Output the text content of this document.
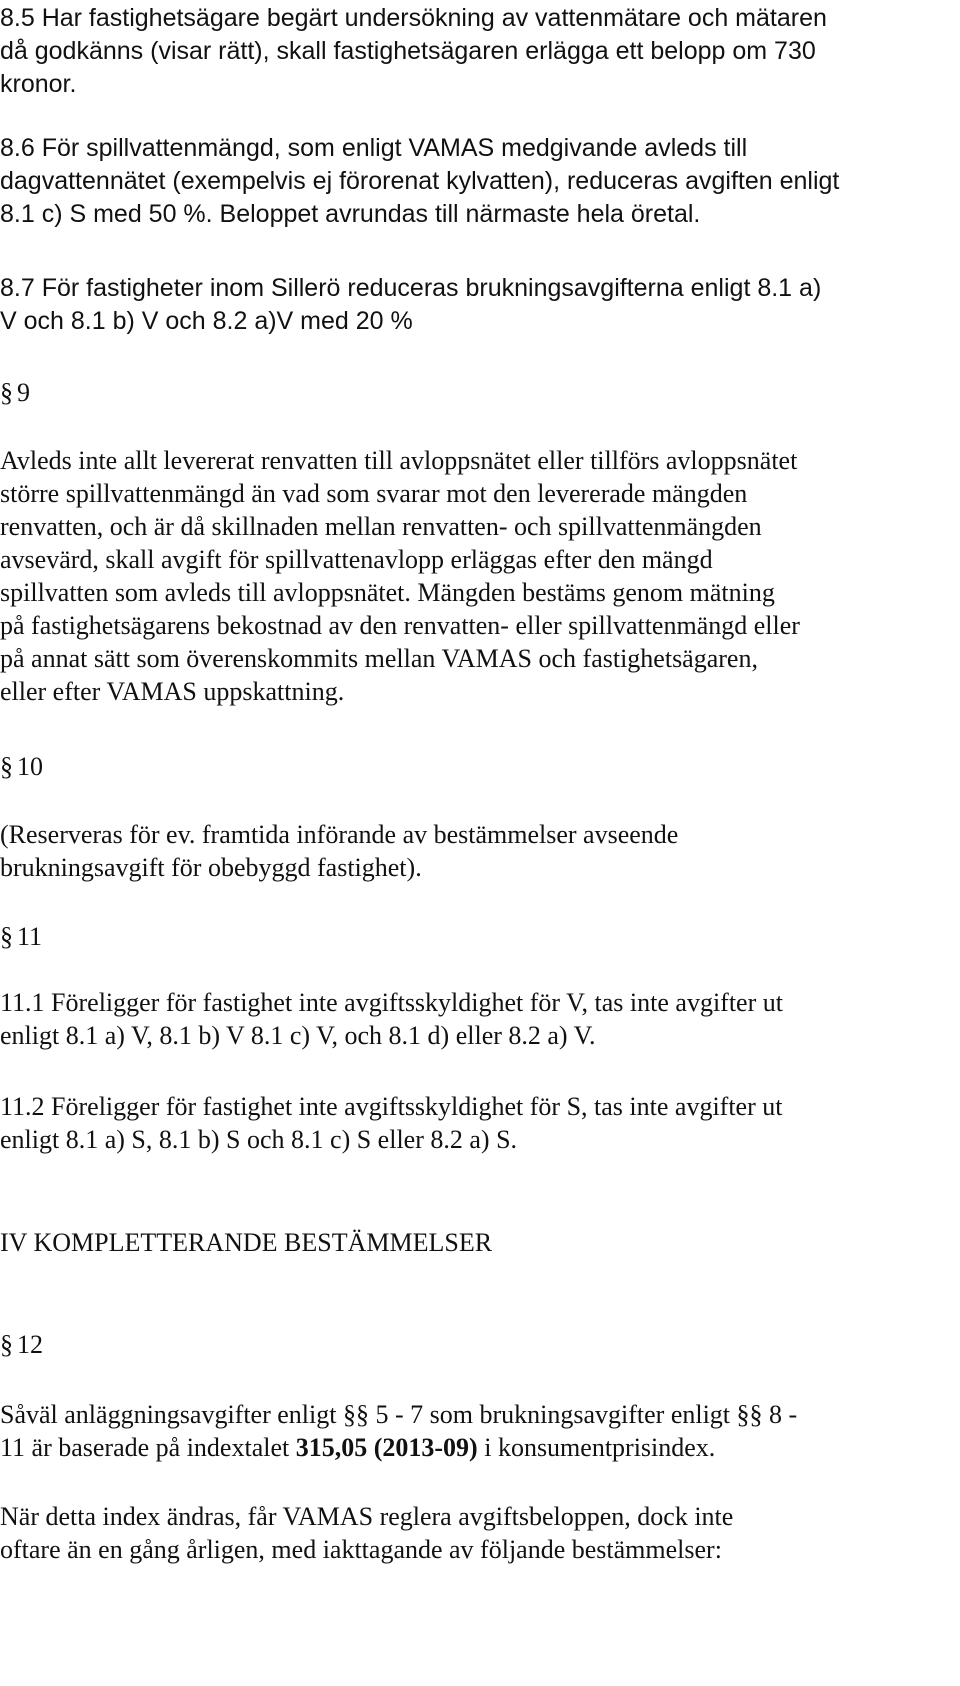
8.5 Har fastighetsägare begärt undersökning av vattenmätare och mätaren
då godkänns (visar rätt), skall fastighetsägaren erlägga ett belopp om 730
kronor.
8.6 För spillvattenmängd, som enligt VAMAS medgivande avleds till
dagvattennätet (exempelvis ej förorenat kylvatten), reduceras avgiften enligt
8.1 c) S med 50 %. Beloppet avrundas till närmaste hela öretal.
8.7 För fastigheter inom Sillerö reduceras brukningsavgifterna enligt 8.1 a)
V och 8.1 b) V och 8.2 a)V med 20 %
§ 9
Avleds inte allt levererat renvatten till avloppsnätet eller tillförs avloppsnätet
större spillvattenmängd än vad som svarar mot den levererade mängden
renvatten, och är då skillnaden mellan renvatten- och spillvattenmängden
avsevärd, skall avgift för spillvattenavlopp erläggas efter den mängd
spillvatten som avleds till avloppsnätet. Mängden bestäms genom mätning
på fastighetsägarens bekostnad av den renvatten- eller spillvattenmängd eller
på annat sätt som överenskommits mellan VAMAS och fastighetsägaren,
eller efter VAMAS uppskattning.
§ 10
(Reserveras för ev. framtida införande av bestämmelser avseende
brukningsavgift för obebyggd fastighet).
§ 11
11.1 Föreligger för fastighet inte avgiftsskyldighet för V, tas inte avgifter ut
enligt 8.1 a) V, 8.1 b) V 8.1 c) V, och 8.1 d) eller 8.2 a) V.
11.2 Föreligger för fastighet inte avgiftsskyldighet för S, tas inte avgifter ut
enligt 8.1 a) S, 8.1 b) S och 8.1 c) S eller 8.2 a) S.
IV KOMPLETTERANDE BESTÄMMELSER
§ 12
Såväl anläggningsavgifter enligt §§ 5 - 7 som brukningsavgifter enligt §§ 8 -
11 är baserade på indextalet 315,05 (2013-09) i konsumentprisindex.
När detta index ändras, får VAMAS reglera avgiftsbeloppen, dock inte
oftare än en gång årligen, med iakttagande av följande bestämmelser:
